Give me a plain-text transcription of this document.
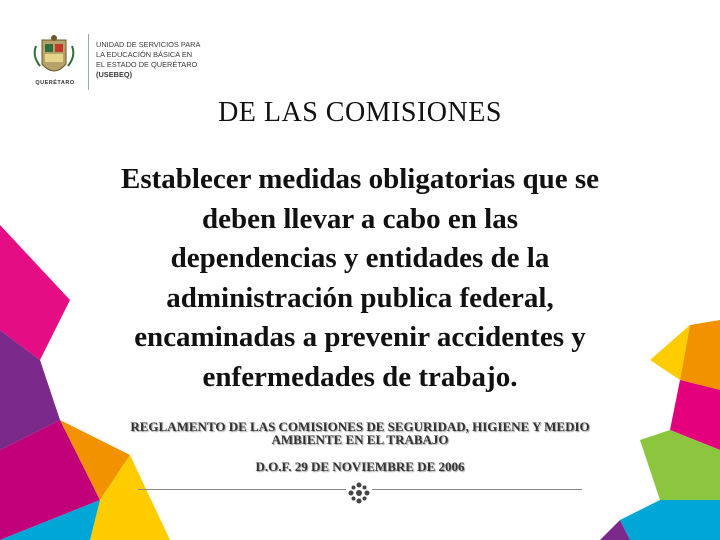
QUERÉTARO
UNIDAD DE SERVICIOS PARA
LA EDUCACIÓN BÁSICA EN
EL ESTADO DE QUERÉTARO
(USEBEQ)
DE LAS COMISIONES
Establecer medidas obligatorias que se
deben llevar a cabo en las
dependencias y entidades de la
administración publica federal,
encaminadas a prevenir accidentes y
enfermedades de trabajo.
REGLAMENTO DE LAS COMISIONES DE SEGURIDAD, HIGIENE Y MEDIO
AMBIENTE EN EL TRABAJO
D.O.F. 29 DE NOVIEMBRE DE 2006
